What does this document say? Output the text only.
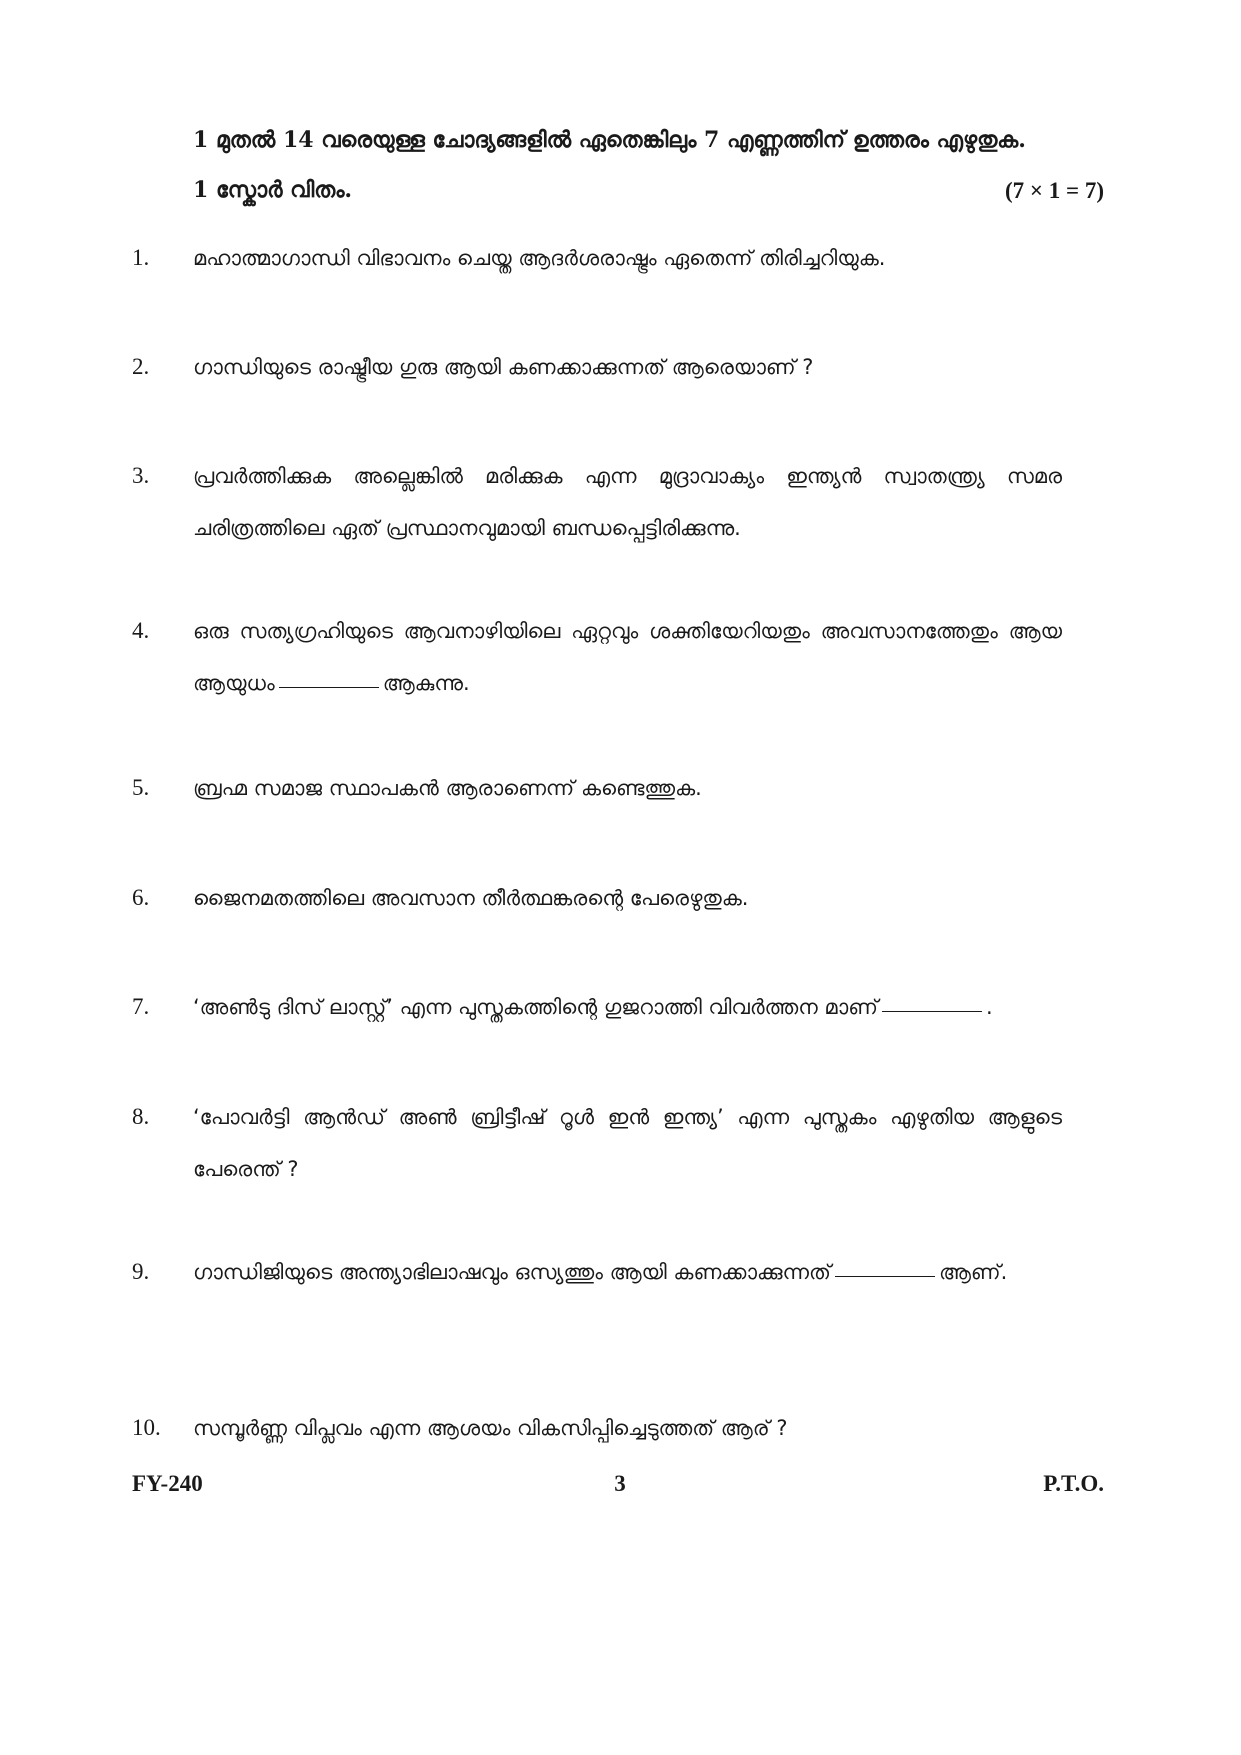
1 മുതൽ 14 വരെയുള്ള ചോദ്യങ്ങളിൽ ഏതെങ്കിലും 7 എണ്ണത്തിന് ഉത്തരം എഴുതുക.
1 സ്കോർ വിതം.	(7 × 1 = 7)
1.	മഹാത്മാഗാന്ധി വിഭാവനം ചെയ്ത ആദർശരാഷ്ട്രം ഏതെന്ന് തിരിച്ചറിയുക.
2.	ഗാന്ധിയുടെ രാഷ്ട്രീയ ഗുരു ആയി കണക്കാക്കുന്നത് ആരെയാണ് ?
3.	പ്രവർത്തിക്കുക അല്ലെങ്കിൽ മരിക്കുക എന്ന മുദ്രാവാക്യം ഇന്ത്യൻ സ്വാതന്ത്ര്യ സമര ചരിത്രത്തിലെ ഏത് പ്രസ്ഥാനവുമായി ബന്ധപ്പെട്ടിരിക്കുന്നു.
4.	ഒരു സത്യഗ്രഹിയുടെ ആവനാഴിയിലെ ഏറ്റവും ശക്തിയേറിയതും അവസാനത്തേതും ആയ ആയുധം	ആകുന്നു.
5.	ബ്രഹ്മ സമാജ സ്ഥാപകൻ ആരാണെന്ന് കണ്ടെത്തുക.
6.	ജൈനമതത്തിലെ അവസാന തീർത്ഥങ്കരന്റെ പേരെഴുതുക.
7.	‘അൺടു ദിസ് ലാസ്റ്റ്’ എന്ന പുസ്തകത്തിന്റെ ഗുജറാത്തി വിവർത്തന മാണ്	.
8.	‘പോവർട്ടി ആൻഡ് അൺ ബ്രിട്ടീഷ് റൂൾ ഇൻ ഇന്ത്യ’ എന്ന പുസ്തകം എഴുതിയ ആളുടെ പേരെന്ത് ?
9.	ഗാന്ധിജിയുടെ അന്ത്യാഭിലാഷവും ഒസ്യത്തും ആയി കണക്കാക്കുന്നത്	ആണ്.
10.	സമ്പൂർണ്ണ വിപ്ലവം എന്ന ആശയം വികസിപ്പിച്ചെടുത്തത് ആര് ?
FY-240	3	P.T.O.
